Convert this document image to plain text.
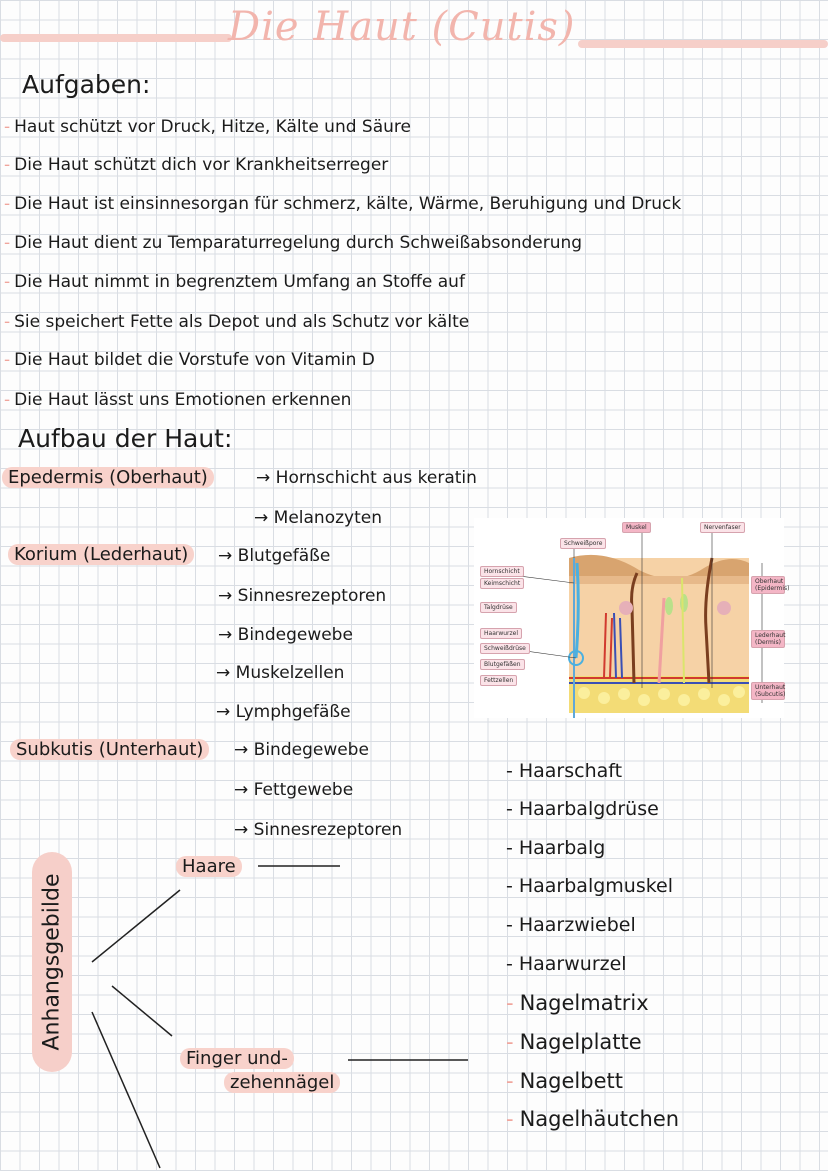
Die Haut (Cutis)
Aufgaben:
- Haut schützt vor Druck, Hitze, Kälte und Säure
- Die Haut schützt dich vor Krankheitserreger
- Die Haut ist einsinnesorgan für schmerz, kälte, Wärme, Beruhigung und Druck
- Die Haut dient zu Temparaturregelung durch Schweißabsonderung
- Die Haut nimmt in begrenztem Umfang an Stoffe auf
- Sie speichert Fette als Depot und als Schutz vor kälte
- Die Haut bildet die Vorstufe von Vitamin D
- Die Haut lässt uns Emotionen erkennen
Aufbau der Haut:
Epedermis (Oberhaut)	→ Hornschicht aus keratin
→ Melanozyten
Korium (Lederhaut)	→ Blutgefäße
→ Sinnesrezeptoren
→ Bindegewebe
→ Muskelzellen
→ Lymphgefäße
Subkutis (Unterhaut)	→ Bindegewebe
→ Fettgewebe
→ Sinnesrezeptoren
Hornschicht
Keimschicht
Talgdrüse
Haarwurzel
Schweißdrüse
Blutgefäßen
Fettzellen
Schweißpore
Muskel	Nervenfaser
Oberhaut (Epidermis)
Lederhaut (Dermis)
Unterhaut (Subcutis)
Anhangsgebilde
Haare
Finger und-
zehennägel
- Haarschaft
- Haarbalgdrüse
- Haarbalg
- Haarbalgmuskel
- Haarzwiebel
- Haarwurzel
- Nagelmatrix
- Nagelplatte
- Nagelbett
- Nagelhäutchen
